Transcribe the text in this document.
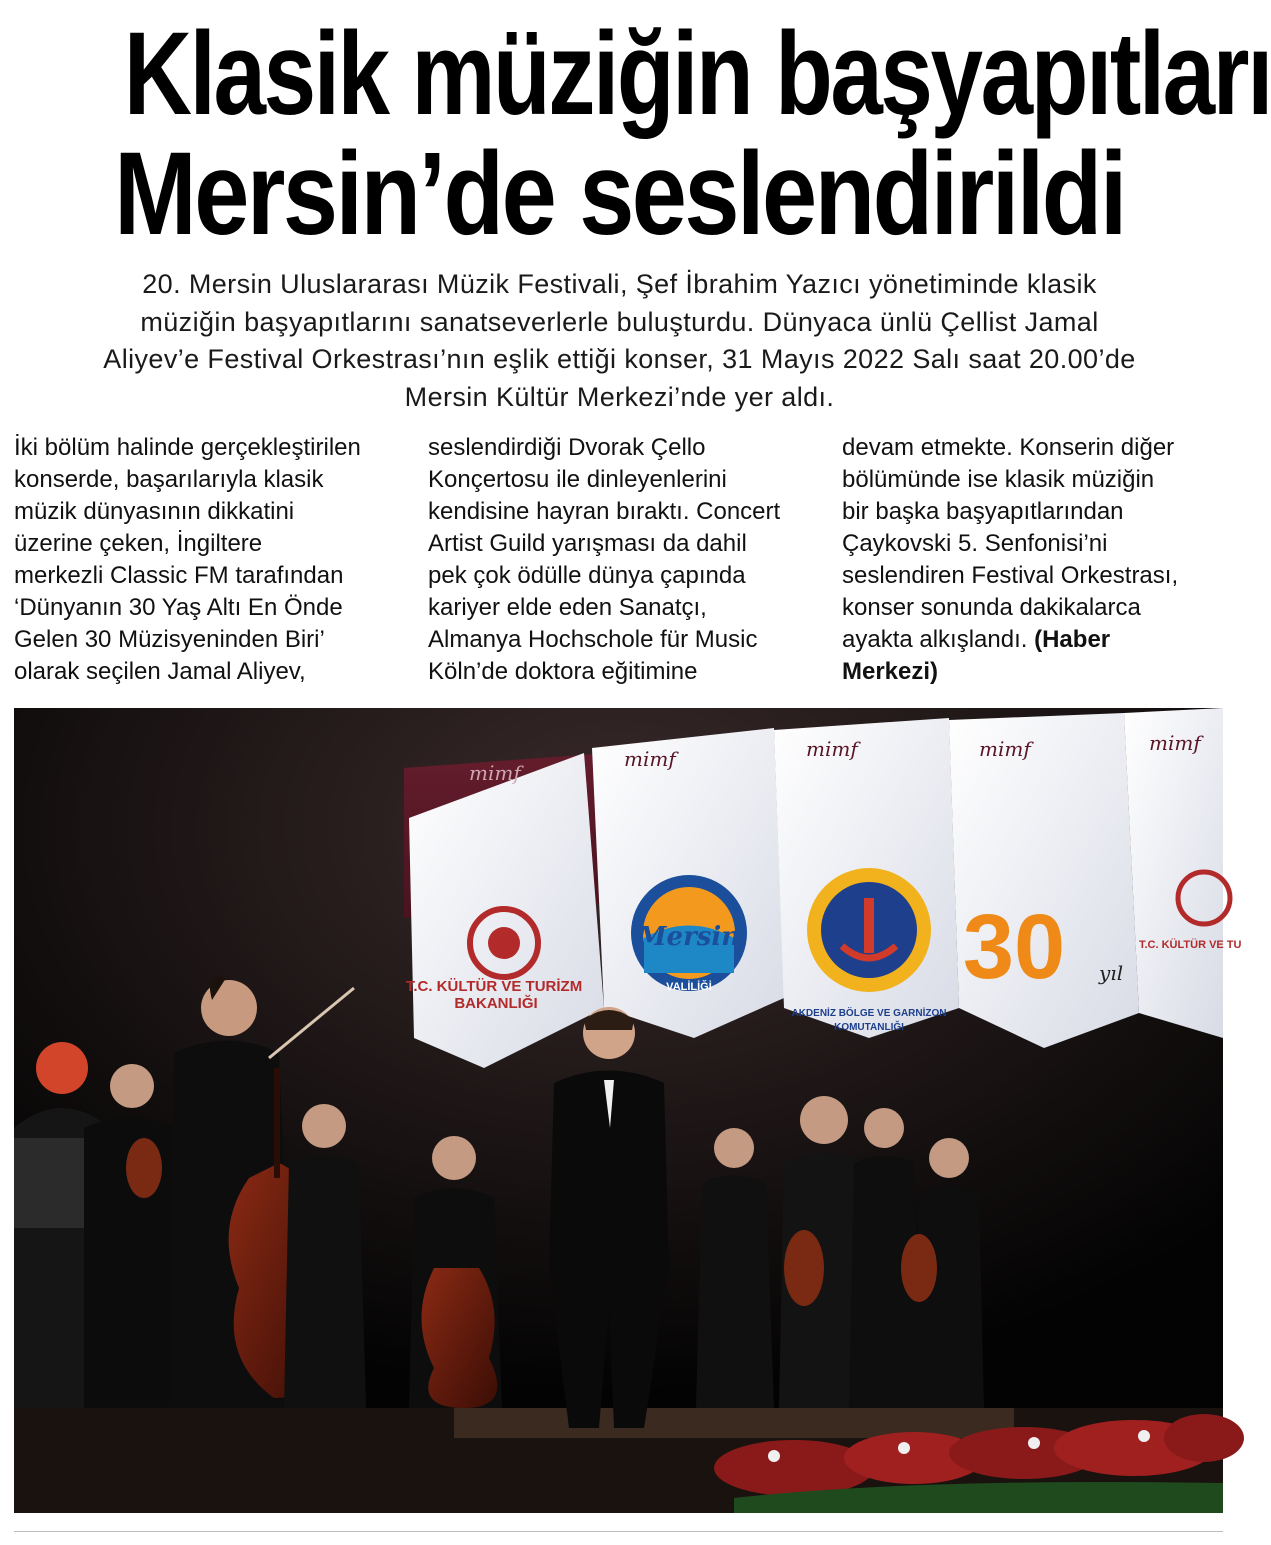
Klasik müziğin başyapıtları
Mersin’de seslendirildi
20. Mersin Uluslararası Müzik Festivali, Şef İbrahim Yazıcı yönetiminde klasik
müziğin başyapıtlarını sanatseverlerle buluşturdu. Dünyaca ünlü Çellist Jamal
Aliyev’e Festival Orkestrası’nın eşlik ettiği konser, 31 Mayıs 2022 Salı saat 20.00’de
Mersin Kültür Merkezi’nde yer aldı.
İki bölüm halinde gerçekleştirilen
konserde, başarılarıyla klasik
müzik dünyasının dikkatini
üzerine çeken, İngiltere
merkezli Classic FM tarafından
‘Dünyanın 30 Yaş Altı En Önde
Gelen 30 Müzisyeninden Biri’
olarak seçilen Jamal Aliyev,
seslendirdiği Dvorak Çello
Konçertosu ile dinleyenlerini
kendisine hayran bıraktı. Concert
Artist Guild yarışması da dahil
pek çok ödülle dünya çapında
kariyer elde eden Sanatçı,
Almanya Hochschole für Music
Köln’de doktora eğitimine
devam etmekte. Konserin diğer
bölümünde ise klasik müziğin
bir başka başyapıtlarından
Çaykovski 5. Senfonisi’ni
seslendiren Festival Orkestrası,
konser sonunda dakikalarca
ayakta alkışlandı. (Haber
Merkezi)
T.C. KÜLTÜR VE TURİZM
BAKANLIĞI
mimf
mimf
Mersin
VALİLİĞİ
mimf
AKDENİZ BÖLGE VE GARNİZON
KOMUTANLIĞI
mimf
30 yıl
mimf
T.C. KÜLTÜR VE TU
